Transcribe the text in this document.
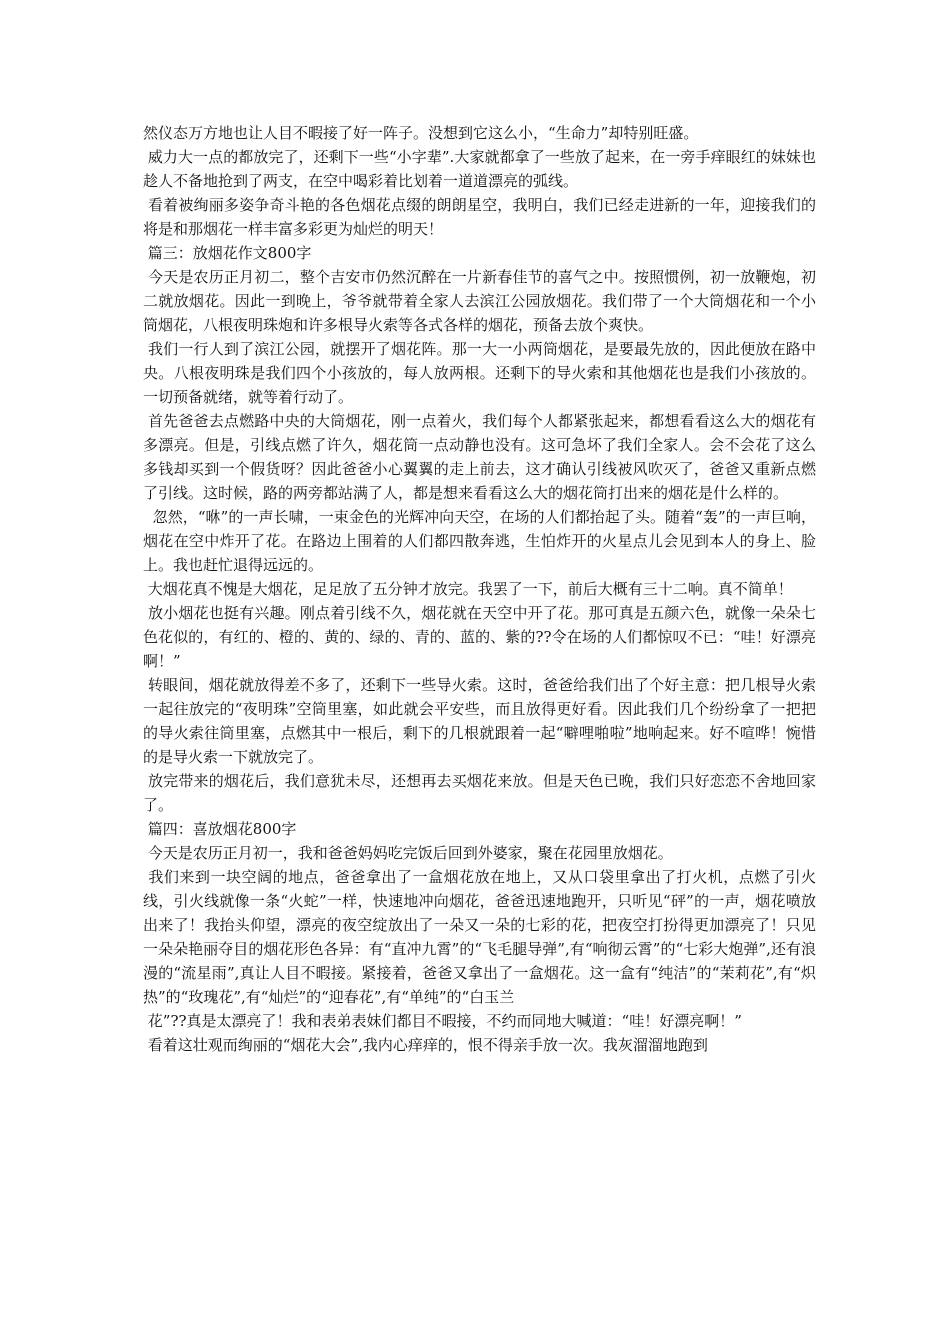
然仪态万方地也让人目不暇接了好一阵子。没想到它这么小，“生命力”却特别旺盛。

威力大一点的都放完了，还剩下一些“小字辈”.大家就都拿了一些放了起来，在一旁手痒眼红的妹妹也趁人不备地抢到了两支，在空中喝彩着比划着一道道漂亮的弧线。

看着被绚丽多姿争奇斗艳的各色烟花点缀的朗朗星空，我明白，我们已经走进新的一年，迎接我们的将是和那烟花一样丰富多彩更为灿烂的明天！

篇三：放烟花作文800字

今天是农历正月初二，整个吉安市仍然沉醉在一片新春佳节的喜气之中。按照惯例，初一放鞭炮，初二就放烟花。因此一到晚上，爷爷就带着全家人去滨江公园放烟花。我们带了一个大筒烟花和一个小筒烟花，八根夜明珠炮和许多根导火索等各式各样的烟花，预备去放个爽快。

我们一行人到了滨江公园，就摆开了烟花阵。那一大一小两筒烟花，是要最先放的，因此便放在路中央。八根夜明珠是我们四个小孩放的，每人放两根。还剩下的导火索和其他烟花也是我们小孩放的。一切预备就绪，就等着行动了。

首先爸爸去点燃路中央的大筒烟花，刚一点着火，我们每个人都紧张起来，都想看看这么大的烟花有多漂亮。但是，引线点燃了许久，烟花筒一点动静也没有。这可急坏了我们全家人。会不会花了这么多钱却买到一个假货呀？因此爸爸小心翼翼的走上前去，这才确认引线被风吹灭了，爸爸又重新点燃了引线。这时候，路的两旁都站满了人，都是想来看看这么大的烟花筒打出来的烟花是什么样的。

忽然，“咻”的一声长啸，一束金色的光辉冲向天空，在场的人们都抬起了头。随着“轰”的一声巨响，烟花在空中炸开了花。在路边上围着的人们都四散奔逃，生怕炸开的火星点儿会见到本人的身上、脸上。我也赶忙退得远远的。

大烟花真不愧是大烟花，足足放了五分钟才放完。我罢了一下，前后大概有三十二响。真不简单！

放小烟花也挺有兴趣。刚点着引线不久，烟花就在天空中开了花。那可真是五颜六色，就像一朵朵七色花似的，有红的、橙的、黄的、绿的、青的、蓝的、紫的??令在场的人们都惊叹不已：“哇！好漂亮啊！”

转眼间，烟花就放得差不多了，还剩下一些导火索。这时，爸爸给我们出了个好主意：把几根导火索一起往放完的“夜明珠”空筒里塞，如此就会平安些，而且放得更好看。因此我们几个纷纷拿了一把把的导火索往筒里塞，点燃其中一根后，剩下的几根就跟着一起“噼哩啪啦”地响起来。好不喧哗！惋惜的是导火索一下就放完了。

放完带来的烟花后，我们意犹未尽，还想再去买烟花来放。但是天色已晚，我们只好恋恋不舍地回家了。

篇四：喜放烟花800字

今天是农历正月初一，我和爸爸妈妈吃完饭后回到外婆家，聚在花园里放烟花。

我们来到一块空阔的地点，爸爸拿出了一盒烟花放在地上，又从口袋里拿出了打火机，点燃了引火线，引火线就像一条“火蛇”一样，快速地冲向烟花，爸爸迅速地跑开，只听见“砰”的一声，烟花喷放出来了！我抬头仰望，漂亮的夜空绽放出了一朵又一朵的七彩的花，把夜空打扮得更加漂亮了！只见一朵朵艳丽夺目的烟花形色各异：有“直冲九霄”的“飞毛腿导弹”,有“响彻云霄”的“七彩大炮弹”,还有浪漫的“流星雨”,真让人目不暇接。紧接着，爸爸又拿出了一盒烟花。这一盒有“纯洁”的“茉莉花”,有“炽热”的“玫瑰花”,有“灿烂”的“迎春花”,有“单纯”的“白玉兰

花”??真是太漂亮了！我和表弟表妹们都目不暇接，不约而同地大喊道：“哇！好漂亮啊！”

看着这壮观而绚丽的“烟花大会”,我内心痒痒的，恨不得亲手放一次。我灰溜溜地跑到
